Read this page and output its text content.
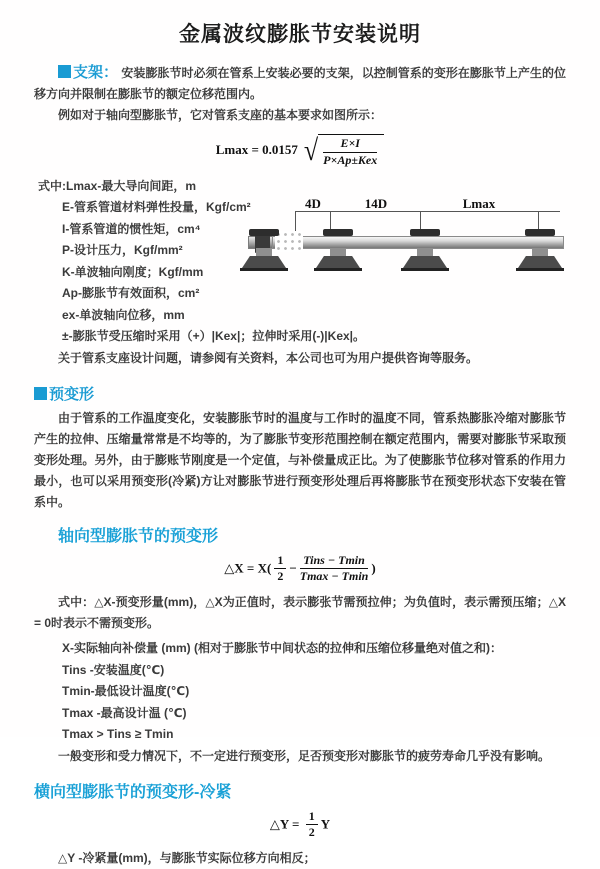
金属波纹膨胀节安装说明

支架： 安装膨胀节时必须在管系上安装必要的支架，以控制管系的变形在膨胀节上产生的位移方向并限制在膨胀节的额定位移范围内。

例如对于轴向型膨胀节，它对管系支座的基本要求如图所示：

Lmax = 0.0157 √ $\frac{E\times I}{\text{P×Ap±Kex}}$

式中:Lmax-最大导向间距，m

E-管系管道材料弹性投量，Kgf/cm²

I-管系管道的惯性矩，cm⁴

P-设计压力，Kgf/mm²

K-单波轴向刚度；Kgf/mm

Ap-膨胀节有效面积，cm²

ex-单波轴向位移，mm

±-膨胀节受压缩时采用（+）|Kex|；拉伸时采用(-)|Kex|。

关于管系支座设计问题，请参阅有关资料，本公司也可为用户提供咨询等服务。

预变形

由于管系的工作温度变化，安装膨胀节时的温度与工作时的温度不同，管系热膨胀冷缩对膨胀节产生的拉伸、压缩量常常是不均等的，为了膨胀节变形范围控制在额定范围内，需要对膨胀节采取预变形处理。另外，由于膨账节刚度是一个定值，与补偿量成正比。为了使膨胀节位移对管系的作用力最小，也可以采用预变形(冷紧)方让对膨胀节进行预变形处理后再将膨胀节在预变形状态下安装在管系中。

轴向型膨胀节的预变形
△X = $X( \frac{1}{2} - \frac{\text{Tins − Tmin}}{Tmax - Tmin}$ )

式中：△X-预变形量(mm)，△X为正值时，表示膨张节需预拉伸；为负值时，表示需预压缩；△X = 0时表示不需预变形。

X-实际轴向补偿量 (mm) (相对于膨胀节中间状态的拉伸和压缩位移量绝对值之和)：

Tins -安装温度(℃)

Tmin-最低设计温度(℃)

Tmax -最高设计温 (℃)

Tmax > Tins ≥ Tmin

一般变形和受力情况下，不一定进行预变形，足否预变形对膨胀节的疲劳寿命几乎没有影响。

横向型膨胀节的预变形-冷紧
△Y = $\frac{1}{2}$ Y

△Y -冷紧量(mm)，与膨胀节实际位移方向相反；

4D	14D	Lmax
